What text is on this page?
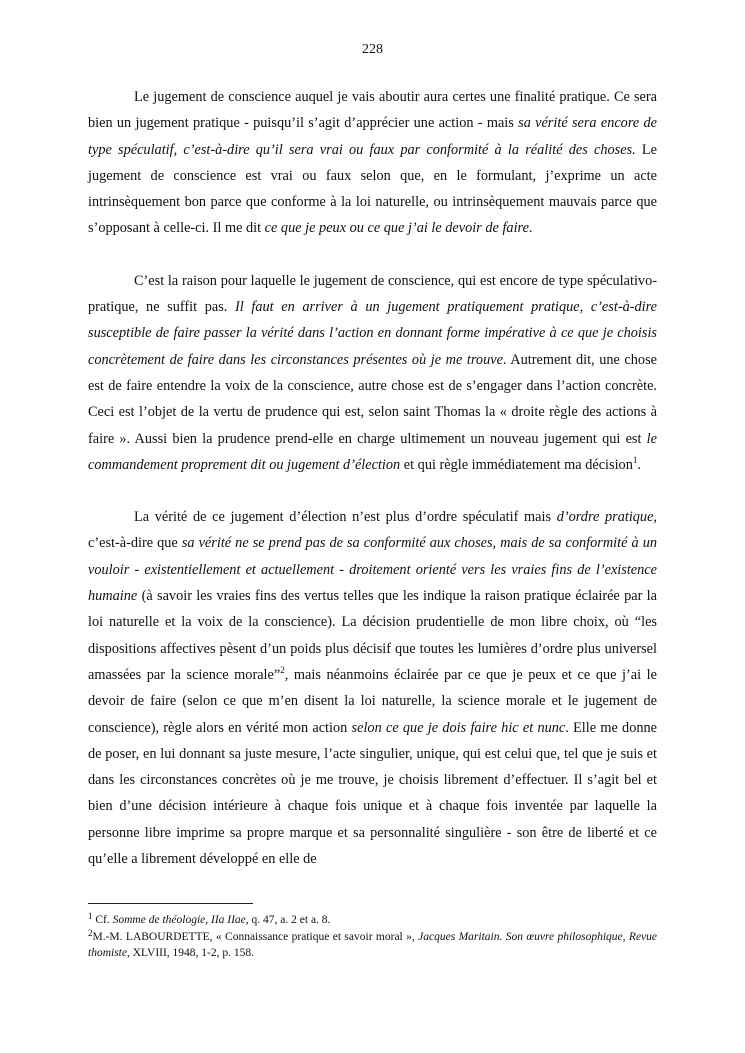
228

Le jugement de conscience auquel je vais aboutir aura certes une finalité pratique. Ce sera bien un jugement pratique - puisqu’il s’agit d’apprécier une action - mais sa vérité sera encore de type spéculatif, c’est-à-dire qu’il sera vrai ou faux par conformité à la réalité des choses. Le jugement de conscience est vrai ou faux selon que, en le formulant, j’exprime un acte intrinsèquement bon parce que conforme à la loi naturelle, ou intrinsèquement mauvais parce que s’opposant à celle-ci. Il me dit ce que je peux ou ce que j’ai le devoir de faire.

C’est la raison pour laquelle le jugement de conscience, qui est encore de type spéculativo-pratique, ne suffit pas. Il faut en arriver à un jugement pratiquement pratique, c’est-à-dire susceptible de faire passer la vérité dans l’action en donnant forme impérative à ce que je choisis concrètement de faire dans les circonstances présentes où je me trouve. Autrement dit, une chose est de faire entendre la voix de la conscience, autre chose est de s’engager dans l’action concrète. Ceci est l’objet de la vertu de prudence qui est, selon saint Thomas la « droite règle des actions à faire ». Aussi bien la prudence prend-elle en charge ultimement un nouveau jugement qui est le commandement proprement dit ou jugement d’élection et qui règle immédiatement ma décision$^1$.

La vérité de ce jugement d’élection n’est plus d’ordre spéculatif mais d’ordre pratique, c’est-à-dire que sa vérité ne se prend pas de sa conformité aux choses, mais de sa conformité à un vouloir - existentiellement et actuellement - droitement orienté vers les vraies fins de l’existence humaine (à savoir les vraies fins des vertus telles que les indique la raison pratique éclairée par la loi naturelle et la voix de la conscience). La décision prudentielle de mon libre choix, où “les dispositions affectives pèsent d’un poids plus décisif que toutes les lumières d’ordre plus universel amassées par la science morale”$^2$, mais néanmoins éclairée par ce que je peux et ce que j’ai le devoir de faire (selon ce que m’en disent la loi naturelle, la science morale et le jugement de conscience), règle alors en vérité mon action selon ce que je dois faire hic et nunc. Elle me donne de poser, en lui donnant sa juste mesure, l’acte singulier, unique, qui est celui que, tel que je suis et dans les circonstances concrètes où je me trouve, je choisis librement d’effectuer. Il s’agit bel et bien d’une décision intérieure à chaque fois unique et à chaque fois inventée par laquelle la personne libre imprime sa propre marque et sa personnalité singulière - son être de liberté et ce qu’elle a librement développé en elle de

$^1$ Cf. Somme de théologie, IIa IIae, q. 47, a. 2 et a. 8.

$^2$M.-M. LABOURDETTE, « Connaissance pratique et savoir moral », Jacques Maritain. Son œuvre philosophique, Revue thomiste, XLVIII, 1948, 1-2, p. 158.
